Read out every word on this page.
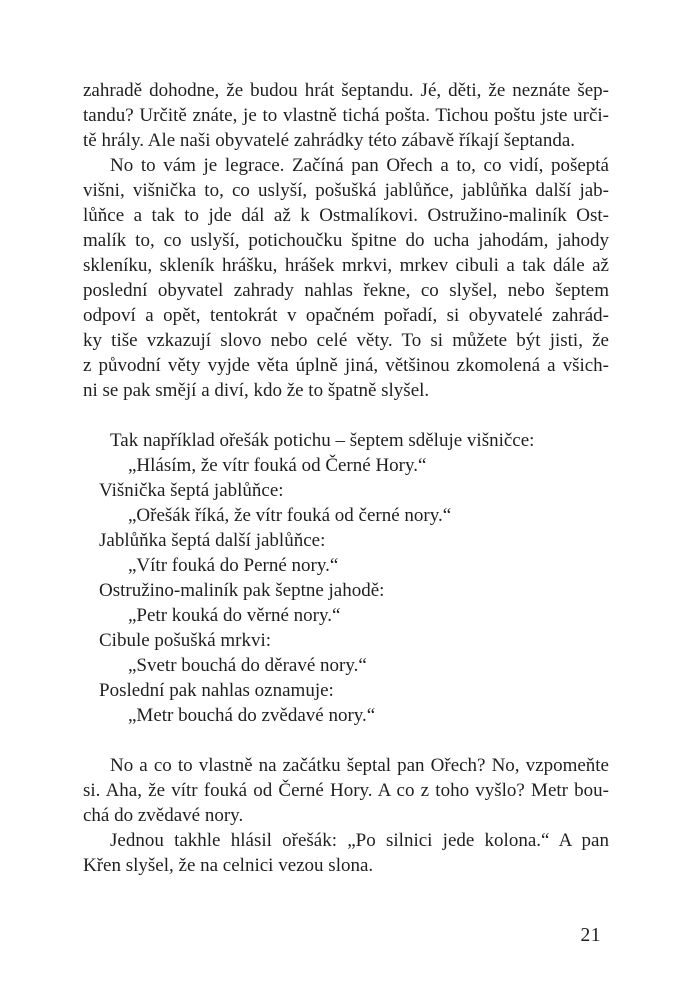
zahradě dohodne, že budou hrát šeptandu. Jé, děti, že neznáte šep-
tandu? Určitě znáte, je to vlastně tichá pošta. Tichou poštu jste urči-
tě hrály. Ale naši obyvatelé zahrádky této zábavě říkají šeptanda.
No to vám je legrace. Začíná pan Ořech a to, co vidí, pošeptá
višni, višnička to, co uslyší, pošušká jablůňce, jablůňka další jab-
lůňce a tak to jde dál až k Ostmalíkovi. Ostružino-maliník Ost-
malík to, co uslyší, potichoučku špitne do ucha jahodám, jahody
skleníku, skleník hrášku, hrášek mrkvi, mrkev cibuli a tak dále až
poslední obyvatel zahrady nahlas řekne, co slyšel, nebo šeptem
odpoví a opět, tentokrát v opačném pořadí, si obyvatelé zahrád-
ky tiše vzkazují slovo nebo celé věty. To si můžete být jisti, že
z původní věty vyjde věta úplně jiná, většinou zkomolená a všich-
ni se pak smějí a diví, kdo že to špatně slyšel.
Tak například ořešák potichu – šeptem sděluje višničce:
„Hlásím, že vítr fouká od Černé Hory.“
Višnička šeptá jablůňce:
„Ořešák říká, že vítr fouká od černé nory.“
Jablůňka šeptá další jablůňce:
„Vítr fouká do Perné nory.“
Ostružino-maliník pak šeptne jahodě:
„Petr kouká do věrné nory.“
Cibule pošušká mrkvi:
„Svetr bouchá do děravé nory.“
Poslední pak nahlas oznamuje:
„Metr bouchá do zvědavé nory.“
No a co to vlastně na začátku šeptal pan Ořech? No, vzpomeňte
si. Aha, že vítr fouká od Černé Hory. A co z toho vyšlo? Metr bou-
chá do zvědavé nory.
Jednou takhle hlásil ořešák: „Po silnici jede kolona.“ A pan
Křen slyšel, že na celnici vezou slona.
21
